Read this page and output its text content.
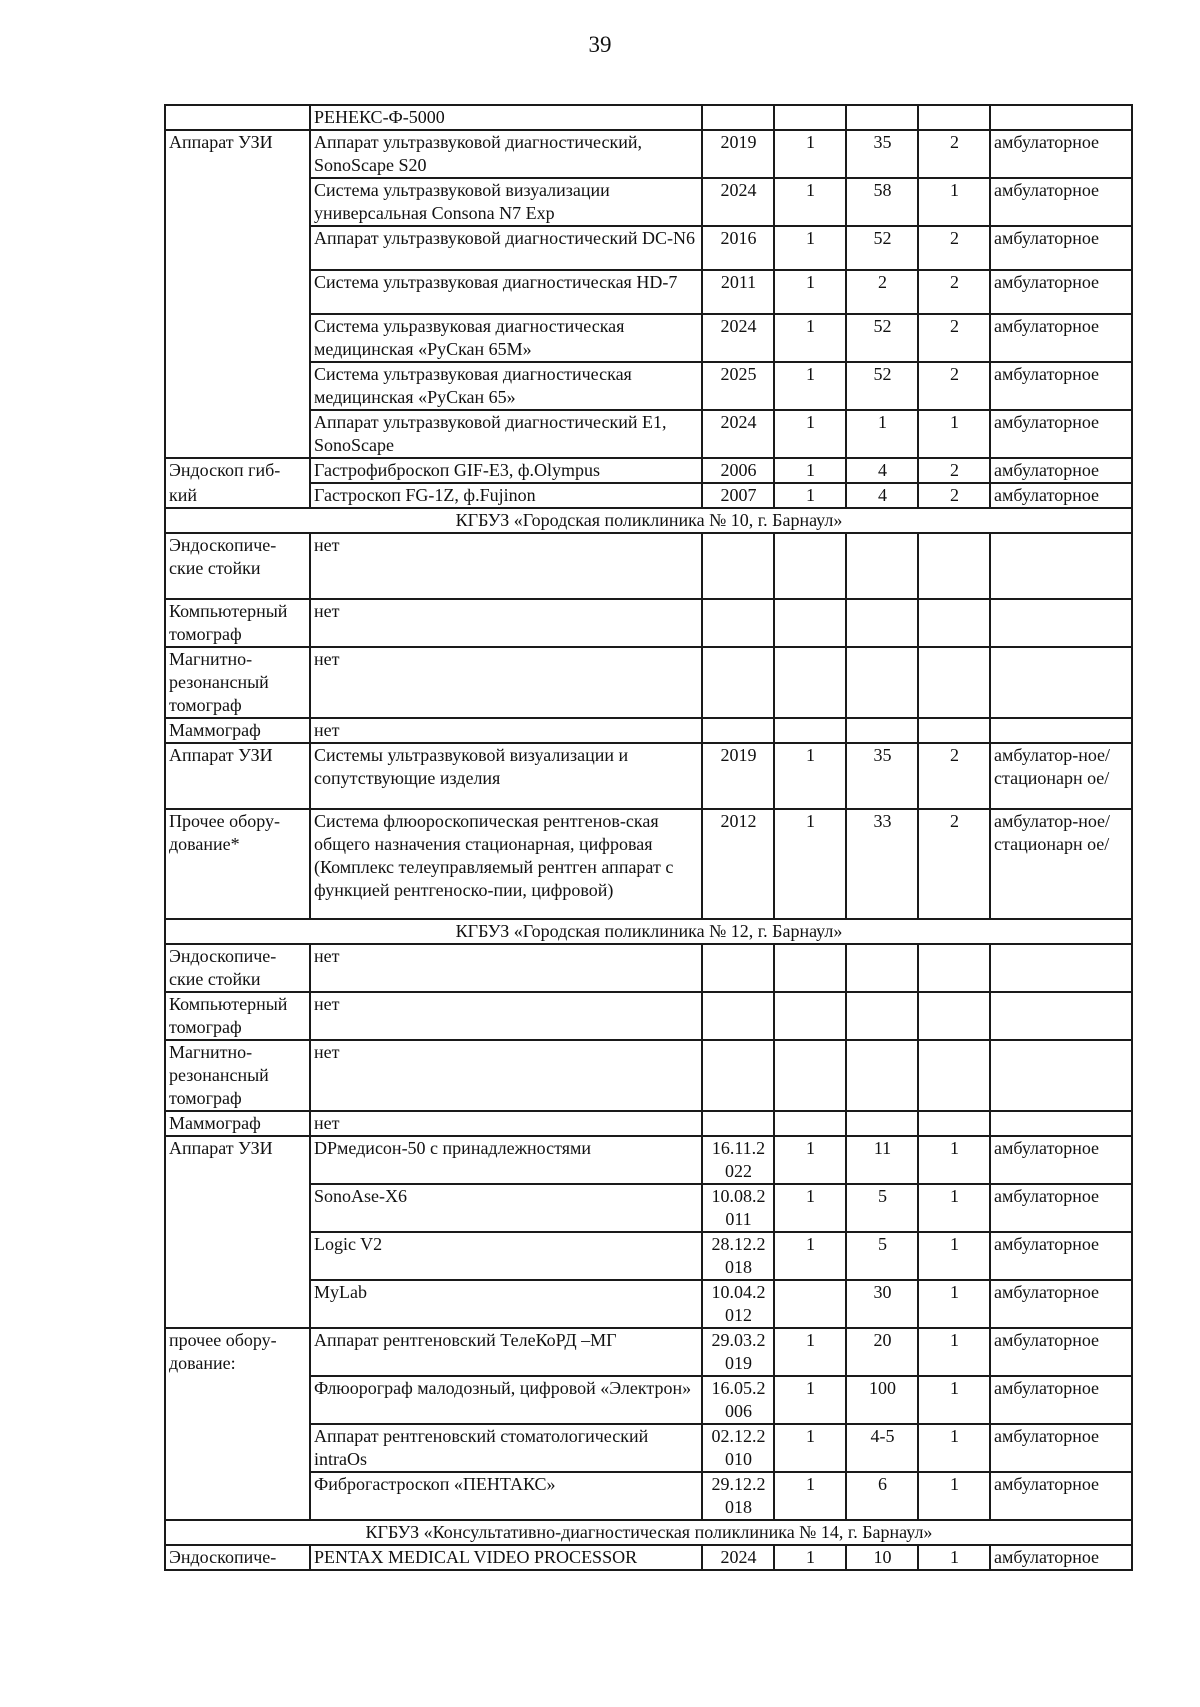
39
	РЕНЕКС-Ф-5000					
Аппарат УЗИ	Аппарат ультразвуковой диагностический, SonoScape S20	2019	1	35	2	амбулаторное
	Система ультразвуковой визуализации универсальная Consona N7 Exp	2024	1	58	1	амбулаторное
	Аппарат ультразвуковой диагностический DC-N6	2016	1	52	2	амбулаторное
	Система ультразвуковая диагностическая HD-7	2011	1	2	2	амбулаторное
	Система ульразвуковая диагностическая медицинская «РуСкан 65М»	2024	1	52	2	амбулаторное
	Система ультразвуковая диагностическая медицинская «РуСкан 65»	2025	1	52	2	амбулаторное
	Аппарат ультразвуковой диагностический Е1, SonoScape	2024	1	1	1	амбулаторное
Эндоскоп гиб-	Гастрофиброскоп GIF-E3, ф.Olympus	2006	1	4	2	амбулаторное
кий	Гастроскоп FG-1Z, ф.Fujinon	2007	1	4	2	амбулаторное
КГБУЗ «Городская поликлиника № 10, г. Барнаул»						
Эндоскопиче-ские стойки	нет					
Компьютерный томограф	нет					
Магнитно-резонансный томограф	нет					
Маммограф	нет					
Аппарат УЗИ	Системы ультразвуковой визуализации и сопутствующие изделия	2019	1	35	2	амбулатор-ное/стационарн ое/
Прочее обору-дование*	Система флюороскопическая рентгенов-ская общего назначения стационарная, цифровая (Комплекс телеуправляемый рентген аппарат с функцией рентгеноско-пии, цифровой)	2012	1	33	2	амбулатор-ное/стационарн ое/
КГБУЗ «Городская поликлиника № 12, г. Барнаул»						
Эндоскопиче-ские стойки	нет					
Компьютерный томограф	нет					
Магнитно-резонансный томограф	нет					
Маммограф	нет					
Аппарат УЗИ	DPмедисон-50 с принадлежностями	16.11.2 022	1	11	1	амбулаторное
	SonoAse-X6	10.08.2 011	1	5	1	амбулаторное
	Logic V2	28.12.2 018	1	5	1	амбулаторное
	MyLab	10.04.2 012		30	1	амбулаторное
прочее обору-дование:	Аппарат рентгеновский ТелеКоРД –МГ	29.03.2 019	1	20	1	амбулаторное
	Флюорограф малодозный, цифровой «Электрон»	16.05.2 006	1	100	1	амбулаторное
	Аппарат рентгеновский стоматологический intraOs	02.12.2 010	1	4-5	1	амбулаторное
	Фиброгастроскоп «ПЕНТАКС»	29.12.2 018	1	6	1	амбулаторное
КГБУЗ «Консультативно-диагностическая поликлиника № 14, г. Барнаул»						
Эндоскопиче-	PENTAX MEDICAL VIDEO PROCESSOR	2024	1	10	1	амбулаторное
